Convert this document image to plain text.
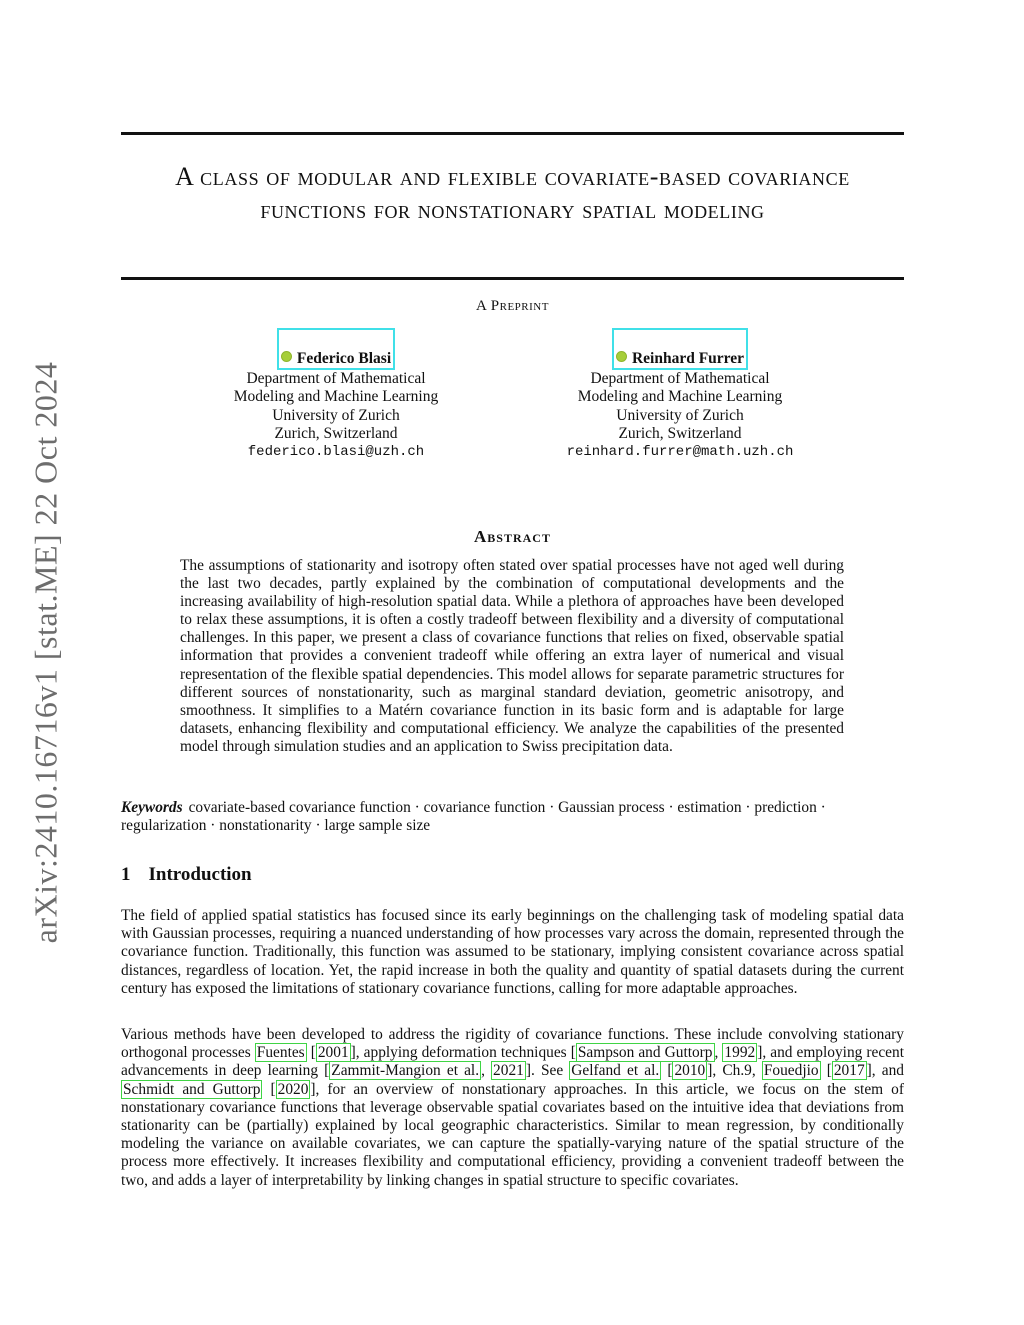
arXiv:2410.16716v1 [stat.ME] 22 Oct 2024
A class of modular and flexible covariate-based covariance functions for nonstationary spatial modeling
A Preprint
Federico Blasi
Department of Mathematical
Modeling and Machine Learning
University of Zurich
Zurich, Switzerland
federico.blasi@uzh.ch
Reinhard Furrer
Department of Mathematical
Modeling and Machine Learning
University of Zurich
Zurich, Switzerland
reinhard.furrer@math.uzh.ch
Abstract
The assumptions of stationarity and isotropy often stated over spatial processes have not aged well during the last two decades, partly explained by the combination of computational developments and the increasing availability of high-resolution spatial data. While a plethora of approaches have been developed to relax these assumptions, it is often a costly tradeoff between flexibility and a diversity of computational challenges. In this paper, we present a class of covariance functions that relies on fixed, observable spatial information that provides a convenient tradeoff while offering an extra layer of numerical and visual representation of the flexible spatial dependencies. This model allows for separate parametric structures for different sources of nonstationarity, such as marginal standard deviation, geometric anisotropy, and smoothness. It simplifies to a Matérn covariance function in its basic form and is adaptable for large datasets, enhancing flexibility and computational efficiency. We analyze the capabilities of the presented model through simulation studies and an application to Swiss precipitation data.
Keywords covariate-based covariance function · covariance function · Gaussian process · estimation · prediction · regularization · nonstationarity · large sample size
1 Introduction
The field of applied spatial statistics has focused since its early beginnings on the challenging task of modeling spatial data with Gaussian processes, requiring a nuanced understanding of how processes vary across the domain, represented through the covariance function. Traditionally, this function was assumed to be stationary, implying consistent covariance across spatial distances, regardless of location. Yet, the rapid increase in both the quality and quantity of spatial datasets during the current century has exposed the limitations of stationary covariance functions, calling for more adaptable approaches.
Various methods have been developed to address the rigidity of covariance functions. These include convolving stationary orthogonal processes Fuentes [ 2001 ], applying deformation techniques [ Sampson and Guttorp , 1992 ], and employing recent advancements in deep learning [ Zammit-Mangion et al. , 2021 ]. See Gelfand et al. [ 2010 ], Ch.9, Fouedjio [ 2017 ], and Schmidt and Guttorp [ 2020 ], for an overview of nonstationary approaches. In this article, we focus on the stem of nonstationary covariance functions that leverage observable spatial covariates based on the intuitive idea that deviations from stationarity can be (partially) explained by local geographic characteristics. Similar to mean regression, by conditionally modeling the variance on available covariates, we can capture the spatially-varying nature of the spatial structure of the process more effectively. It increases flexibility and computational efficiency, providing a convenient tradeoff between the two, and adds a layer of interpretability by linking changes in spatial structure to specific covariates.
